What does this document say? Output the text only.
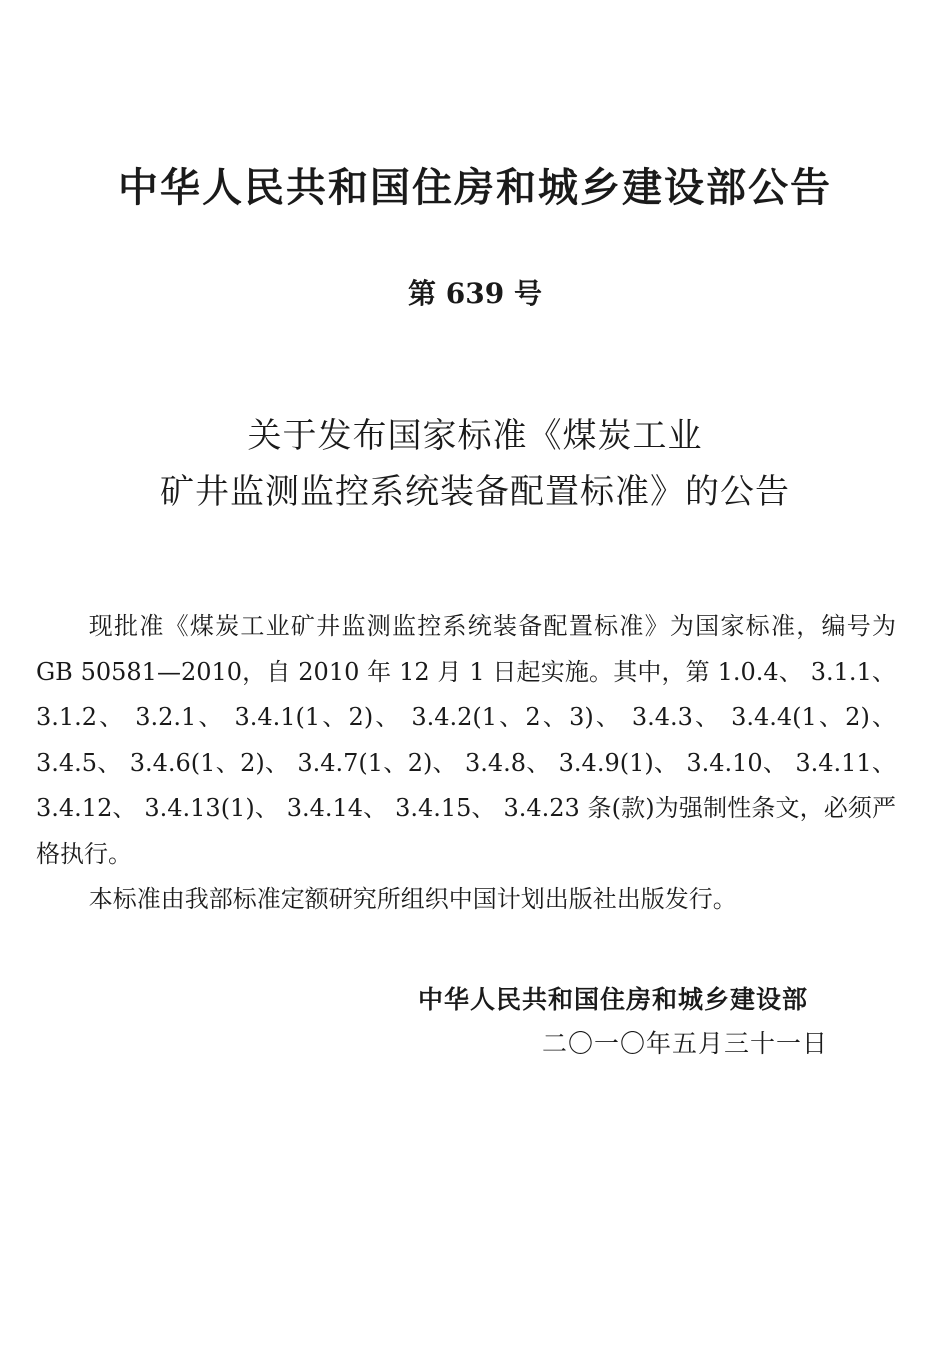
中华人民共和国住房和城乡建设部公告
第 639 号
关于发布国家标准《煤炭工业
矿井监测监控系统装备配置标准》的公告

现批准《煤炭工业矿井监测监控系统装备配置标准》为国家标准，编号为 GB 50581—2010，自 2010 年 12 月 1 日起实施。其中，第 1.0.4、 3.1.1、 3.1.2、 3.2.1、 3.4.1(1、2)、 3.4.2(1、2、3)、 3.4.3、 3.4.4(1、2)、 3.4.5、 3.4.6(1、2)、 3.4.7(1、2)、 3.4.8、 3.4.9(1)、 3.4.10、 3.4.11、 3.4.12、 3.4.13(1)、 3.4.14、 3.4.15、 3.4.23 条(款)为强制性条文，必须严格执行。

本标准由我部标准定额研究所组织中国计划出版社出版发行。

中华人民共和国住房和城乡建设部
二〇一〇年五月三十一日
